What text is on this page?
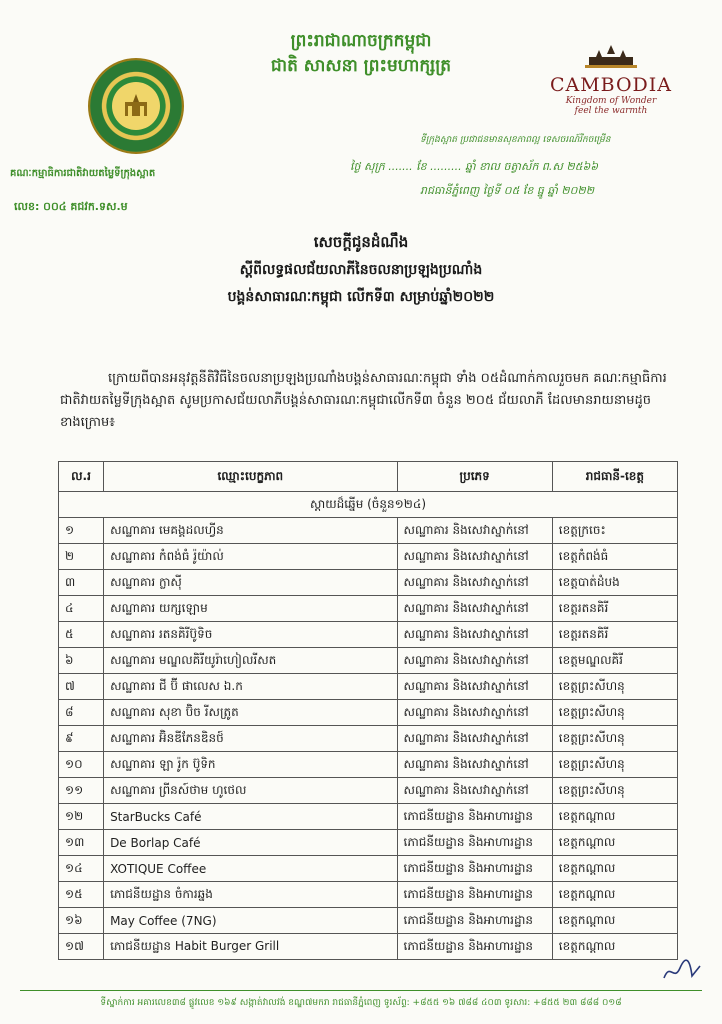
ព្រះរាជាណាចក្រកម្ពុជា
ជាតិ សាសនា ព្រះមហាក្សត្រ
CAMBODIA
Kingdom of Wonder
feel the warmth
គណៈកម្មាធិការជាតិវាយតម្លៃទីក្រុងស្អាត
លេខ: ០០៤ គជវក.ទស.ម
ទីក្រុងស្អាត ប្រជាជនមានសុខភាពល្អ ទេសចរណ៍រីកចម្រើន
ថ្ងៃ សុក្រ ....... ខែ ......... ឆ្នាំ ខាល ចត្វាស័ក ព.ស ២៥៦៦
រាជធានីភ្នំពេញ ថ្ងៃទី ០៥ ខែ ធ្នូ ឆ្នាំ ២០២២
សេចក្ដីជូនដំណឹង
ស្ដីពីលទ្ធផលជ័យលាភីនៃចលនាប្រឡងប្រណាំង
បង្គន់សាធារណៈកម្ពុជា លើកទី៣ សម្រាប់ឆ្នាំ២០២២
ក្រោយពីបានអនុវត្តនីតិវិធីនៃចលនាប្រឡងប្រណាំងបង្គន់សាធារណៈកម្ពុជា ទាំង ០៥ដំណាក់កាលរួចមក គណៈកម្មាធិការជាតិវាយតម្លៃទីក្រុងស្អាត សូមប្រកាសជ័យលាភីបង្គន់សាធារណៈកម្ពុជាលើកទី៣ ចំនួន ២០៥ ជ័យលាភី ដែលមានរាយនាមដូចខាងក្រោម៖
ល.រ	ឈ្មោះបេក្ខភាព	ប្រភេទ	រាជធានី-ខេត្ត
ស្តាយដ៏ឆ្នើម (ចំនួន១២៤)			
១	សណ្ឋាគារ មេគង្គដលហ្វីន	សណ្ឋាគារ និងសេវាស្នាក់នៅ	ខេត្តក្រចេះ
២	សណ្ឋាគារ កំពង់ធំ រ៉ូយ៉ាល់	សណ្ឋាគារ និងសេវាស្នាក់នៅ	ខេត្តកំពង់ធំ
៣	សណ្ឋាគារ ក្លាស៊ី	សណ្ឋាគារ និងសេវាស្នាក់នៅ	ខេត្តបាត់ដំបង
៤	សណ្ឋាគារ យក្សឡោម	សណ្ឋាគារ និងសេវាស្នាក់នៅ	ខេត្តរតនគិរី
៥	សណ្ឋាគារ រតនគិរីប៊ូទិច	សណ្ឋាគារ និងសេវាស្នាក់នៅ	ខេត្តរតនគិរី
៦	សណ្ឋាគារ មណ្ឌលគិរីយូរ៉ាហៀលរីសត	សណ្ឋាគារ និងសេវាស្នាក់នៅ	ខេត្តមណ្ឌលគិរី
៧	សណ្ឋាគារ ជី ប៊ី ផាលេស ឯ.ក	សណ្ឋាគារ និងសេវាស្នាក់នៅ	ខេត្តព្រះសីហនុ
៨	សណ្ឋាគារ សុខា ប៊ិច រីសត្រូត	សណ្ឋាគារ និងសេវាស្នាក់នៅ	ខេត្តព្រះសីហនុ
៩	សណ្ឋាគារ អ៊ិនឌីភែនឌិនថ៍	សណ្ឋាគារ និងសេវាស្នាក់នៅ	ខេត្តព្រះសីហនុ
១០	សណ្ឋាគារ ឡា រ៉ូក ប៊ូទិក	សណ្ឋាគារ និងសេវាស្នាក់នៅ	ខេត្តព្រះសីហនុ
១១	សណ្ឋាគារ ព្រីនស៍ថាម ហូថេល	សណ្ឋាគារ និងសេវាស្នាក់នៅ	ខេត្តព្រះសីហនុ
១២	StarBucks Café	ភោជនីយដ្ឋាន និងអាហារដ្ឋាន	ខេត្តកណ្តាល
១៣	De Borlap Café	ភោជនីយដ្ឋាន និងអាហារដ្ឋាន	ខេត្តកណ្តាល
១៤	XOTIQUE Coffee	ភោជនីយដ្ឋាន និងអាហារដ្ឋាន	ខេត្តកណ្តាល
១៥	ភោជនីយដ្ឋាន ចំការឆ្នង	ភោជនីយដ្ឋាន និងអាហារដ្ឋាន	ខេត្តកណ្តាល
១៦	May Coffee (7NG)	ភោជនីយដ្ឋាន និងអាហារដ្ឋាន	ខេត្តកណ្តាល
១៧	ភោជនីយដ្ឋាន Habit Burger Grill	ភោជនីយដ្ឋាន និងអាហារដ្ឋាន	ខេត្តកណ្តាល
ទីស្នាក់ការ អគារលេខ៣៨ ផ្លូវលេខ ១៦៩ សង្កាត់វាលវង់ ខណ្ឌ៧មករា រាជធានីភ្នំពេញ ទូរស័ព្ទ: +៨៥៥ ១៦ ៧៨៨ ៤០៣ ទូរសារ: +៨៥៥ ២៣ ៨៨៨ ០១៨
